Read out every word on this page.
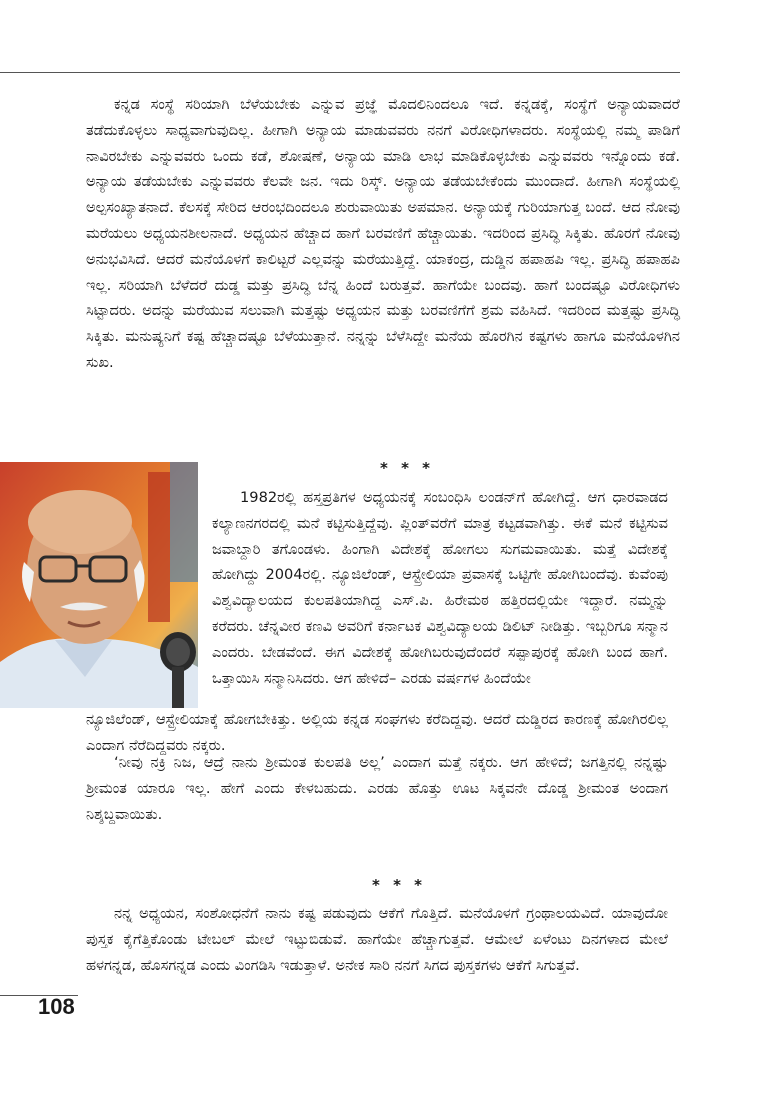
ಕನ್ನಡ ಸಂಸ್ಥೆ ಸರಿಯಾಗಿ ಬೆಳೆಯಬೇಕು ಎನ್ನುವ ಪ್ರಜ್ಞೆ ಮೊದಲಿನಿಂದಲೂ ಇದೆ. ಕನ್ನಡಕ್ಕೆ, ಸಂಸ್ಥೆಗೆ ಅನ್ಯಾಯವಾದರೆ ತಡೆದುಕೊಳ್ಳಲು ಸಾಧ್ಯವಾಗುವುದಿಲ್ಲ. ಹೀಗಾಗಿ ಅನ್ಯಾಯ ಮಾಡುವವರು ನನಗೆ ವಿರೋಧಿಗಳಾದರು. ಸಂಸ್ಥೆಯಲ್ಲಿ ನಮ್ಮ ಪಾಡಿಗೆ ನಾವಿರಬೇಕು ಎನ್ನುವವರು ಒಂದು ಕಡೆ, ಶೋಷಣೆ, ಅನ್ಯಾಯ ಮಾಡಿ ಲಾಭ ಮಾಡಿಕೊಳ್ಳಬೇಕು ಎನ್ನುವವರು ಇನ್ನೊಂದು ಕಡೆ. ಅನ್ಯಾಯ ತಡೆಯಬೇಕು ಎನ್ನುವವರು ಕೆಲವೇ ಜನ. ಇದು ರಿಸ್ಕ್. ಅನ್ಯಾಯ ತಡೆಯಬೇಕೆಂದು ಮುಂದಾದೆ. ಹೀಗಾಗಿ ಸಂಸ್ಥೆಯಲ್ಲಿ ಅಲ್ಪಸಂಖ್ಯಾತನಾದೆ. ಕೆಲಸಕ್ಕೆ ಸೇರಿದ ಆರಂಭದಿಂದಲೂ ಶುರುವಾಯಿತು ಅಪಮಾನ. ಅನ್ಯಾಯಕ್ಕೆ ಗುರಿಯಾಗುತ್ತ ಬಂದೆ. ಆದ ನೋವು ಮರೆಯಲು ಅಧ್ಯಯನಶೀಲನಾದೆ. ಅಧ್ಯಯನ ಹೆಚ್ಚಾದ ಹಾಗೆ ಬರವಣಿಗೆ ಹೆಚ್ಚಾಯಿತು. ಇದರಿಂದ ಪ್ರಸಿದ್ಧಿ ಸಿಕ್ಕಿತು. ಹೊರಗೆ ನೋವು ಅನುಭವಿಸಿದೆ. ಆದರೆ ಮನೆಯೊಳಗೆ ಕಾಲಿಟ್ಟರೆ ಎಲ್ಲವನ್ನು ಮರೆಯುತ್ತಿದ್ದೆ. ಯಾಕಂದ್ರ, ದುಡ್ಡಿನ ಹಪಾಹಪಿ ಇಲ್ಲ. ಪ್ರಸಿದ್ಧಿ ಹಪಾಹಪಿ ಇಲ್ಲ. ಸರಿಯಾಗಿ ಬೆಳೆದರೆ ದುಡ್ಡ ಮತ್ತು ಪ್ರಸಿದ್ಧಿ ಬೆನ್ನ ಹಿಂದೆ ಬರುತ್ತವೆ. ಹಾಗೆಯೇ ಬಂದವು. ಹಾಗೆ ಬಂದಷ್ಟೂ ವಿರೋಧಿಗಳು ಸಿಟ್ಟಾದರು. ಅದನ್ನು ಮರೆಯುವ ಸಲುವಾಗಿ ಮತ್ತಷ್ಟು ಅಧ್ಯಯನ ಮತ್ತು ಬರವಣಿಗೆಗೆ ಶ್ರಮ ವಹಿಸಿದೆ. ಇದರಿಂದ ಮತ್ತಷ್ಟು ಪ್ರಸಿದ್ಧಿ ಸಿಕ್ಕಿತು. ಮನುಷ್ಯನಿಗೆ ಕಷ್ಟ ಹೆಚ್ಚಾದಷ್ಟೂ ಬೆಳೆಯುತ್ತಾನೆ. ನನ್ನನ್ನು ಬೆಳೆಸಿದ್ದೇ ಮನೆಯ ಹೊರಗಿನ ಕಷ್ಟಗಳು ಹಾಗೂ ಮನೆಯೊಳಗಿನ ಸುಖ.

* * *

1982ರಲ್ಲಿ ಹಸ್ತಪ್ರತಿಗಳ ಅಧ್ಯಯನಕ್ಕೆ ಸಂಬಂಧಿಸಿ ಲಂಡನ್‌ಗೆ ಹೋಗಿದ್ದೆ. ಆಗ ಧಾರವಾಡದ ಕಲ್ಯಾಣನಗರದಲ್ಲಿ ಮನೆ ಕಟ್ಟಿಸುತ್ತಿದ್ದೆವು. ಪ್ಲಿಂತ್‌ವರೆಗೆ ಮಾತ್ರ ಕಟ್ಟಡವಾಗಿತ್ತು. ಈಕೆ ಮನೆ ಕಟ್ಟಿಸುವ ಜವಾಬ್ದಾರಿ ತಗೊಂಡಳು. ಹಿಂಗಾಗಿ ವಿದೇಶಕ್ಕೆ ಹೋಗಲು ಸುಗಮವಾಯಿತು. ಮತ್ತೆ ವಿದೇಶಕ್ಕೆ ಹೋಗಿದ್ದು 2004ರಲ್ಲಿ. ನ್ಯೂಜಿಲೆಂಡ್, ಆಸ್ಟ್ರೇಲಿಯಾ ಪ್ರವಾಸಕ್ಕೆ ಒಟ್ಟಿಗೇ ಹೋಗಿಬಂದೆವು. ಕುವೆಂಪು ವಿಶ್ವವಿದ್ಯಾಲಯದ ಕುಲಪತಿಯಾಗಿದ್ದ ಎಸ್.ಪಿ. ಹಿರೇಮಠ ಹತ್ತಿರದಲ್ಲಿಯೇ ಇದ್ದಾರೆ. ನಮ್ಮನ್ನು ಕರೆದರು. ಚೆನ್ನವೀರ ಕಣವಿ ಅವರಿಗೆ ಕರ್ನಾಟಕ ವಿಶ್ವವಿದ್ಯಾಲಯ ಡಿಲಿಟ್ ನೀಡಿತ್ತು. ಇಬ್ಬರಿಗೂ ಸನ್ಮಾನ ಎಂದರು. ಬೇಡವೆಂದೆ. ಈಗ ವಿದೇಶಕ್ಕೆ ಹೋಗಿಬರುವುದೆಂದರೆ ಸಪ್ಪಾಪುರಕ್ಕೆ ಹೋಗಿ ಬಂದ ಹಾಗೆ. ಒತ್ತಾಯಿಸಿ ಸನ್ಮಾನಿಸಿದರು. ಆಗ ಹೇಳಿದೆ– ಎರಡು ವರ್ಷಗಳ ಹಿಂದೆಯೇ

ನ್ಯೂಜಿಲೆಂಡ್, ಆಸ್ಟ್ರೇಲಿಯಾಕ್ಕೆ ಹೋಗಬೇಕಿತ್ತು. ಅಲ್ಲಿಯ ಕನ್ನಡ ಸಂಘಗಳು ಕರೆದಿದ್ದವು. ಆದರೆ ದುಡ್ಡಿರದ ಕಾರಣಕ್ಕೆ ಹೋಗಿರಲಿಲ್ಲ ಎಂದಾಗ ನೆರೆದಿದ್ದವರು ನಕ್ಕರು.

‘ನೀವು ನಕ್ರಿ ನಿಜ, ಆದ್ರೆ ನಾನು ಶ್ರೀಮಂತ ಕುಲಪತಿ ಅಲ್ಲ’ ಎಂದಾಗ ಮತ್ತೆ ನಕ್ಕರು. ಆಗ ಹೇಳಿದೆ; ಜಗತ್ತಿನಲ್ಲಿ ನನ್ನಷ್ಟು ಶ್ರೀಮಂತ ಯಾರೂ ಇಲ್ಲ. ಹೇಗೆ ಎಂದು ಕೇಳಬಹುದು. ಎರಡು ಹೊತ್ತು ಊಟ ಸಿಕ್ಕವನೇ ದೊಡ್ಡ ಶ್ರೀಮಂತ ಅಂದಾಗ ನಿಶ್ಶಬ್ದವಾಯಿತು.

* * *

ನನ್ನ ಅಧ್ಯಯನ, ಸಂಶೋಧನೆಗೆ ನಾನು ಕಷ್ಟ ಪಡುವುದು ಆಕೆಗೆ ಗೊತ್ತಿದೆ. ಮನೆಯೊಳಗೆ ಗ್ರಂಥಾಲಯವಿದೆ. ಯಾವುದೋ ಪುಸ್ತಕ ಕೈಗೆತ್ತಿಕೊಂಡು ಟೇಬಲ್ ಮೇಲೆ ಇಟ್ಟುಬಿಡುವೆ. ಹಾಗೆಯೇ ಹೆಚ್ಚಾಗುತ್ತವೆ. ಆಮೇಲೆ ಏಳೆಂಟು ದಿನಗಳಾದ ಮೇಲೆ ಹಳಗನ್ನಡ, ಹೊಸಗನ್ನಡ ಎಂದು ವಿಂಗಡಿಸಿ ಇಡುತ್ತಾಳೆ. ಅನೇಕ ಸಾರಿ ನನಗೆ ಸಿಗದ ಪುಸ್ತಕಗಳು ಆಕೆಗೆ ಸಿಗುತ್ತವೆ.

108
